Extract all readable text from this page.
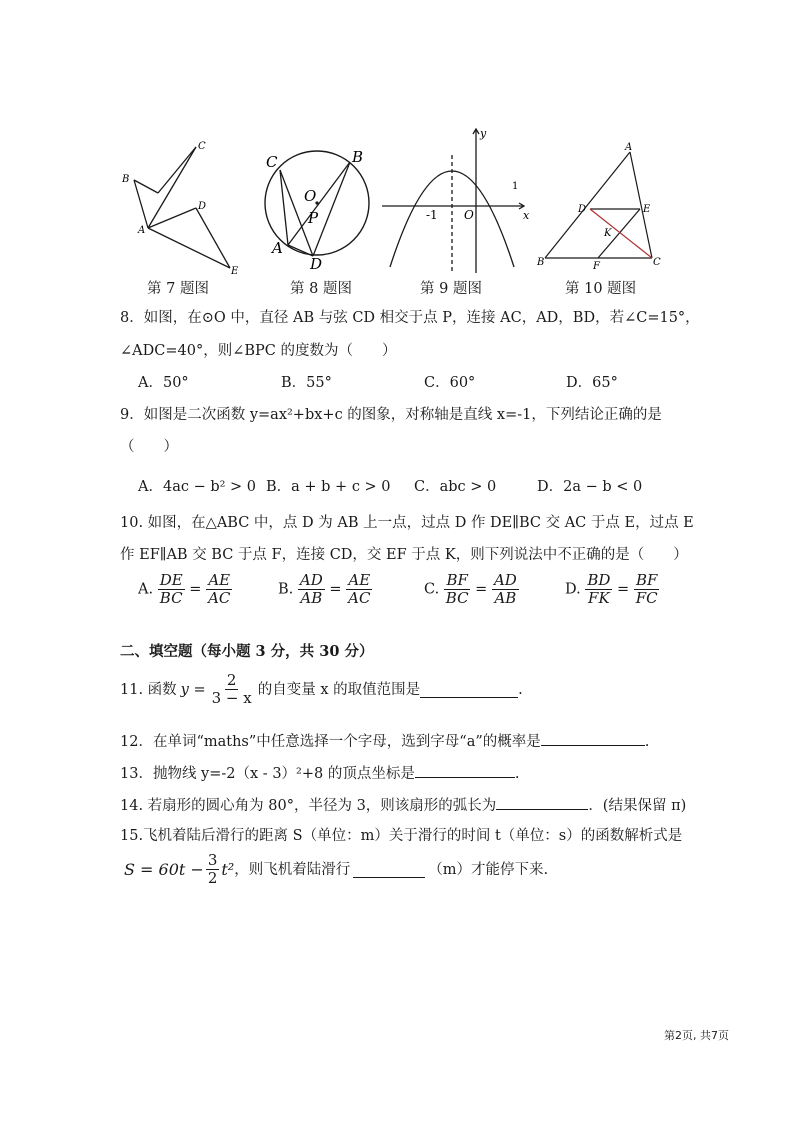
C
B
A
D
E
C	B
O
P
A
D
y
1
-1 O	x
A
D	E
K
B	F	C
第 7 题图	第 8 题图	第 9 题图	第 10 题图
8．如图，在⊙O 中，直径 AB 与弦 CD 相交于点 P，连接 AC，AD，BD，若∠C=15°，
∠ADC=40°，则∠BPC 的度数为（　　）
A．50°	B．55°	C．60°	D．65°
9．如图是二次函数 y=ax²+bx+c 的图象，对称轴是直线 x=-1，下列结论正确的是
（　　）
A．4ac − b² > 0 B．a + b + c > 0 C．abc > 0	D．2a − b < 0
10. 如图，在△ABC 中，点 D 为 AB 上一点，过点 D 作 DE∥BC 交 AC 于点 E，过点 E
作 EF∥AB 交 BC 于点 F，连接 CD，交 EF 于点 K，则下列说法中不正确的是（　　）
A. $\frac{DE}{BC} = \frac{AE}{AC}$	B. $\frac{AD}{AB} = \frac{AE}{AC}$	C. $\frac{BF}{BC} = \frac{AD}{AB}$	D. $\frac{BD}{FK} = \frac{BF}{FC}$
二、填空题（每小题 3 分，共 30 分）
11. 函数 $y = \frac{2}{3 - x}$ 的自变量 x 的取值范围是	.
12．在单词“maths”中任意选择一个字母，选到字母“a”的概率是	.
13．抛物线 y=-2（x - 3）²+8 的顶点坐标是	.
14. 若扇形的圆心角为 80°，半径为 3，则该扇形的弧长为	．(结果保留 π)
15.飞机着陆后滑行的距离 S（单位：m）关于滑行的时间 t（单位：s）的函数解析式是
$S = 60t - \frac{3}{2} t^2$ ，则飞机着陆滑行	（m）才能停下来.
第2页, 共7页
